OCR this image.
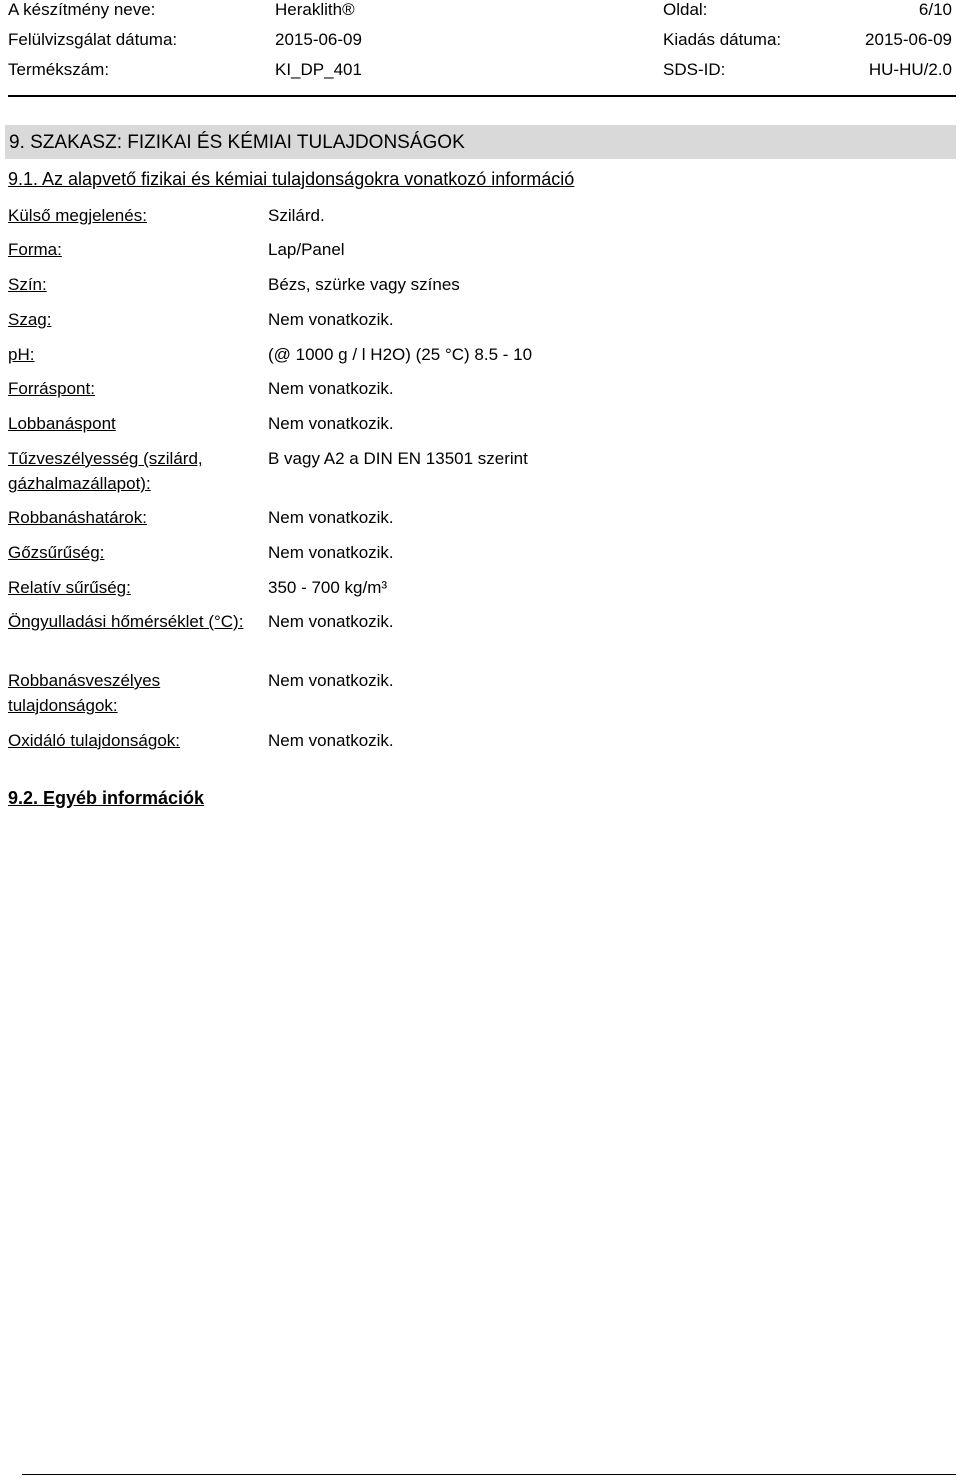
A készítmény neve:	Heraklith®	Oldal:	6/10
Felülvizsgálat dátuma:	2015-06-09	Kiadás dátuma:	2015-06-09
Termékszám:	KI_DP_401	SDS-ID:	HU-HU/2.0
9. SZAKASZ: FIZIKAI ÉS KÉMIAI TULAJDONSÁGOK
9.1. Az alapvető fizikai és kémiai tulajdonságokra vonatkozó információ
Külső megjelenés:	Szilárd.
Forma:	Lap/Panel
Szín:	Bézs, szürke vagy színes
Szag:	Nem vonatkozik.
pH:	(@ 1000 g / l H2O) (25 °C) 8.5 - 10
Forráspont:	Nem vonatkozik.
Lobbanáspont	Nem vonatkozik.
Tűzveszélyesség (szilárd, gázhalmazállapot):
B vagy A2 a DIN EN 13501 szerint
Robbanáshatárok:	Nem vonatkozik.
Gőzsűrűség:	Nem vonatkozik.
Relatív sűrűség:	350 - 700 kg/m³
Öngyulladási hőmérséklet (°C): Nem vonatkozik.
Robbanásveszélyes tulajdonságok:
Nem vonatkozik.
Oxidáló tulajdonságok:	Nem vonatkozik.
9.2. Egyéb információk
